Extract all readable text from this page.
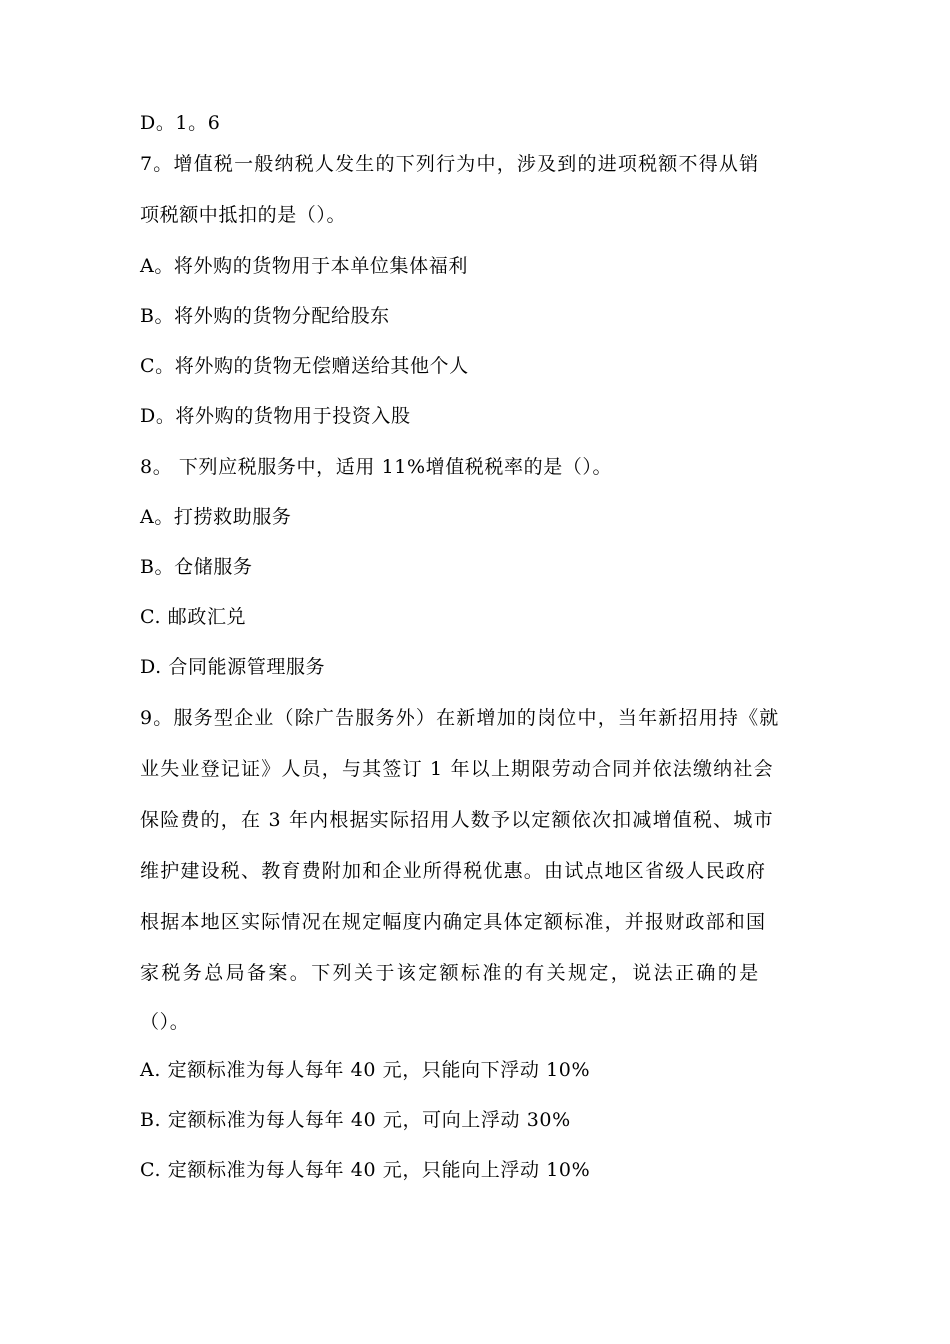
D。1。6
7。增值税一般纳税人发生的下列行为中，涉及到的进项税额不得从销
项税额中抵扣的是（）。
A。将外购的货物用于本单位集体福利
B。将外购的货物分配给股东
C。将外购的货物无偿赠送给其他个人
D。将外购的货物用于投资入股
8。 下列应税服务中，适用 11%增值税税率的是（）。
A。打捞救助服务
B。仓储服务
C. 邮政汇兑
D. 合同能源管理服务
9。服务型企业（除广告服务外）在新增加的岗位中，当年新招用持《就
业失业登记证》人员，与其签订 1 年以上期限劳动合同并依法缴纳社会
保险费的，在 3 年内根据实际招用人数予以定额依次扣减增值税、城市
维护建设税、教育费附加和企业所得税优惠。由试点地区省级人民政府
根据本地区实际情况在规定幅度内确定具体定额标准，并报财政部和国
家税务总局备案。下列关于该定额标准的有关规定，说法正确的是
（）。
A. 定额标准为每人每年 40 元，只能向下浮动 10%
B. 定额标准为每人每年 40 元，可向上浮动 30%
C. 定额标准为每人每年 40 元，只能向上浮动 10%
